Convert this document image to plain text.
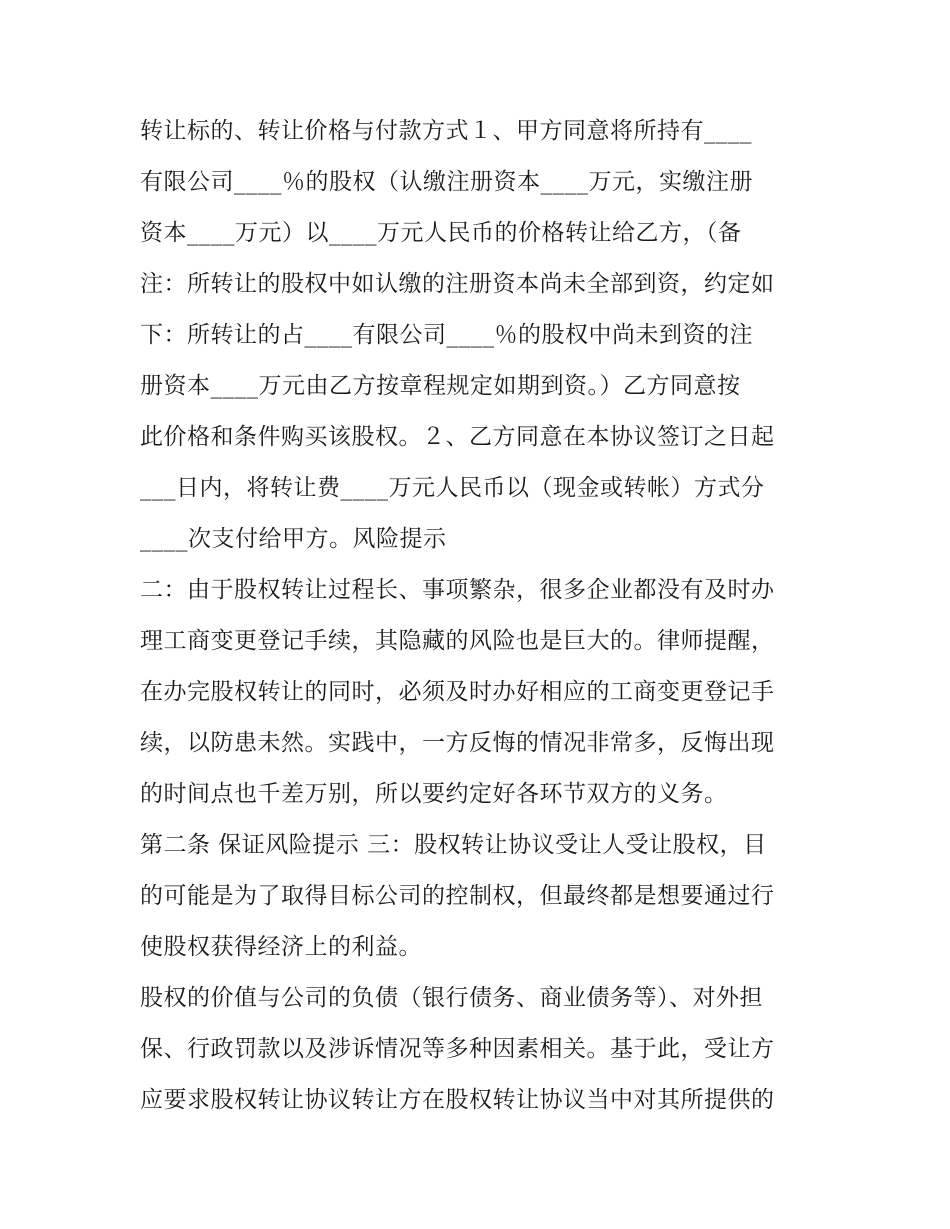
转让标的、转让价格与付款方式１、甲方同意将所持有____
有限公司____％的股权（认缴注册资本____万元，实缴注册
资本____万元）以____万元人民币的价格转让给乙方，（备
注：所转让的股权中如认缴的注册资本尚未全部到资，约定如
下：所转让的占____有限公司____％的股权中尚未到资的注
册资本____万元由乙方按章程规定如期到资。）乙方同意按
此价格和条件购买该股权。２、乙方同意在本协议签订之日起
___日内，将转让费____万元人民币以（现金或转帐）方式分
____次支付给甲方。风险提示
二：由于股权转让过程长、事项繁杂，很多企业都没有及时办
理工商变更登记手续，其隐藏的风险也是巨大的。律师提醒，
在办完股权转让的同时，必须及时办好相应的工商变更登记手
续，以防患未然。实践中，一方反悔的情况非常多，反悔出现
的时间点也千差万别，所以要约定好各环节双方的义务。
第二条 保证风险提示 三：股权转让协议受让人受让股权，目
的可能是为了取得目标公司的控制权，但最终都是想要通过行
使股权获得经济上的利益。
股权的价值与公司的负债（银行债务、商业债务等）、对外担
保、行政罚款以及涉诉情况等多种因素相关。基于此，受让方
应要求股权转让协议转让方在股权转让协议当中对其所提供的
